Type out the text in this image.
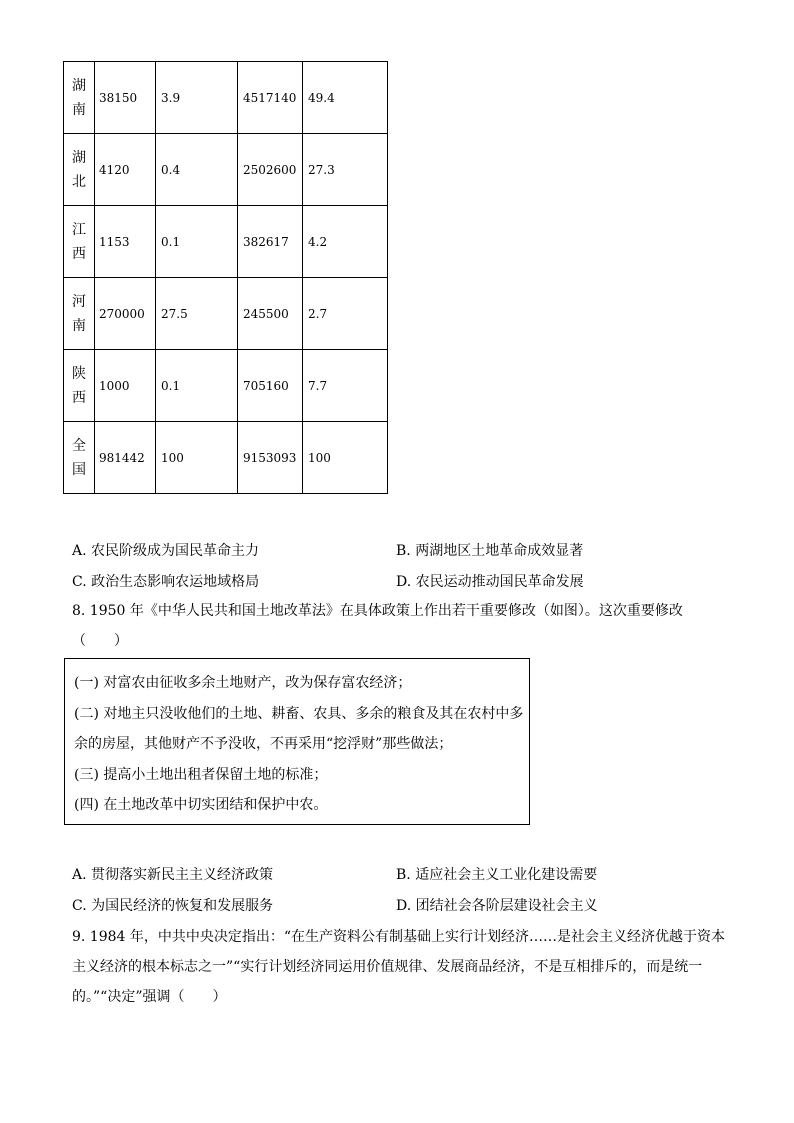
湖
南	38150	3.9	4517140	49.4

湖
北	4120	0.4	2502600	27.3

江
西	1153	0.1	382617	4.2

河
南	270000	27.5	245500	2.7

陕
西	1000	0.1	705160	7.7

全
国	981442	100	9153093	100
A. 农民阶级成为国民革命主力	B. 两湖地区土地革命成效显著
C. 政治生态影响农运地域格局	D. 农民运动推动国民革命发展
8. 1950 年《中华人民共和国土地改革法》在具体政策上作出若干重要修改（如图）。这次重要修改
（　　）
(一) 对富农由征收多余土地财产，改为保存富农经济；
(二) 对地主只没收他们的土地、耕畜、农具、多余的粮食及其在农村中多
余的房屋，其他财产不予没收，不再采用“挖浮财”那些做法；
(三) 提高小土地出租者保留土地的标准；
(四) 在土地改革中切实团结和保护中农。
A. 贯彻落实新民主主义经济政策	B. 适应社会主义工业化建设需要
C. 为国民经济的恢复和发展服务	D. 团结社会各阶层建设社会主义
9. 1984 年，中共中央决定指出：“在生产资料公有制基础上实行计划经济……是社会主义经济优越于资本
主义经济的根本标志之一”“实行计划经济同运用价值规律、发展商品经济，不是互相排斥的，而是统一
的。”“决定”强调（　　）
